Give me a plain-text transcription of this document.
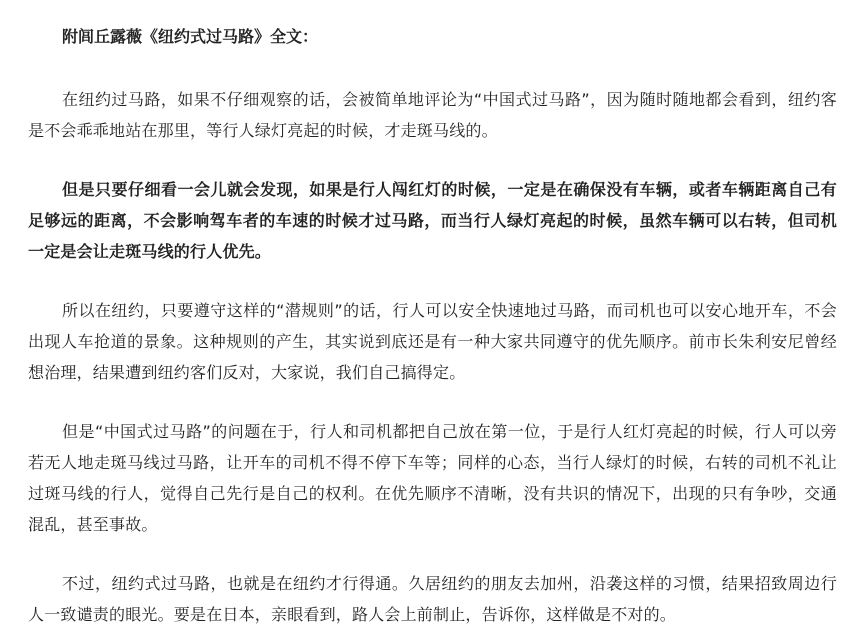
附闾丘露薇《纽约式过马路》全文：

在纽约过马路，如果不仔细观察的话，会被简单地评论为“中国式过马路”，因为随时随地都会看到，纽约客是不会乖乖地站在那里，等行人绿灯亮起的时候，才走斑马线的。

但是只要仔细看一会儿就会发现，如果是行人闯红灯的时候，一定是在确保没有车辆，或者车辆距离自己有足够远的距离，不会影响驾车者的车速的时候才过马路，而当行人绿灯亮起的时候，虽然车辆可以右转，但司机一定是会让走斑马线的行人优先。

所以在纽约，只要遵守这样的“潜规则”的话，行人可以安全快速地过马路，而司机也可以安心地开车，不会出现人车抢道的景象。这种规则的产生，其实说到底还是有一种大家共同遵守的优先顺序。前市长朱利安尼曾经想治理，结果遭到纽约客们反对，大家说，我们自己搞得定。

但是“中国式过马路”的问题在于，行人和司机都把自己放在第一位，于是行人红灯亮起的时候，行人可以旁若无人地走斑马线过马路，让开车的司机不得不停下车等；同样的心态，当行人绿灯的时候，右转的司机不礼让过斑马线的行人，觉得自己先行是自己的权利。在优先顺序不清晰，没有共识的情况下，出现的只有争吵，交通混乱，甚至事故。

不过，纽约式过马路，也就是在纽约才行得通。久居纽约的朋友去加州，沿袭这样的习惯，结果招致周边行人一致谴责的眼光。要是在日本，亲眼看到，路人会上前制止，告诉你，这样做是不对的。
